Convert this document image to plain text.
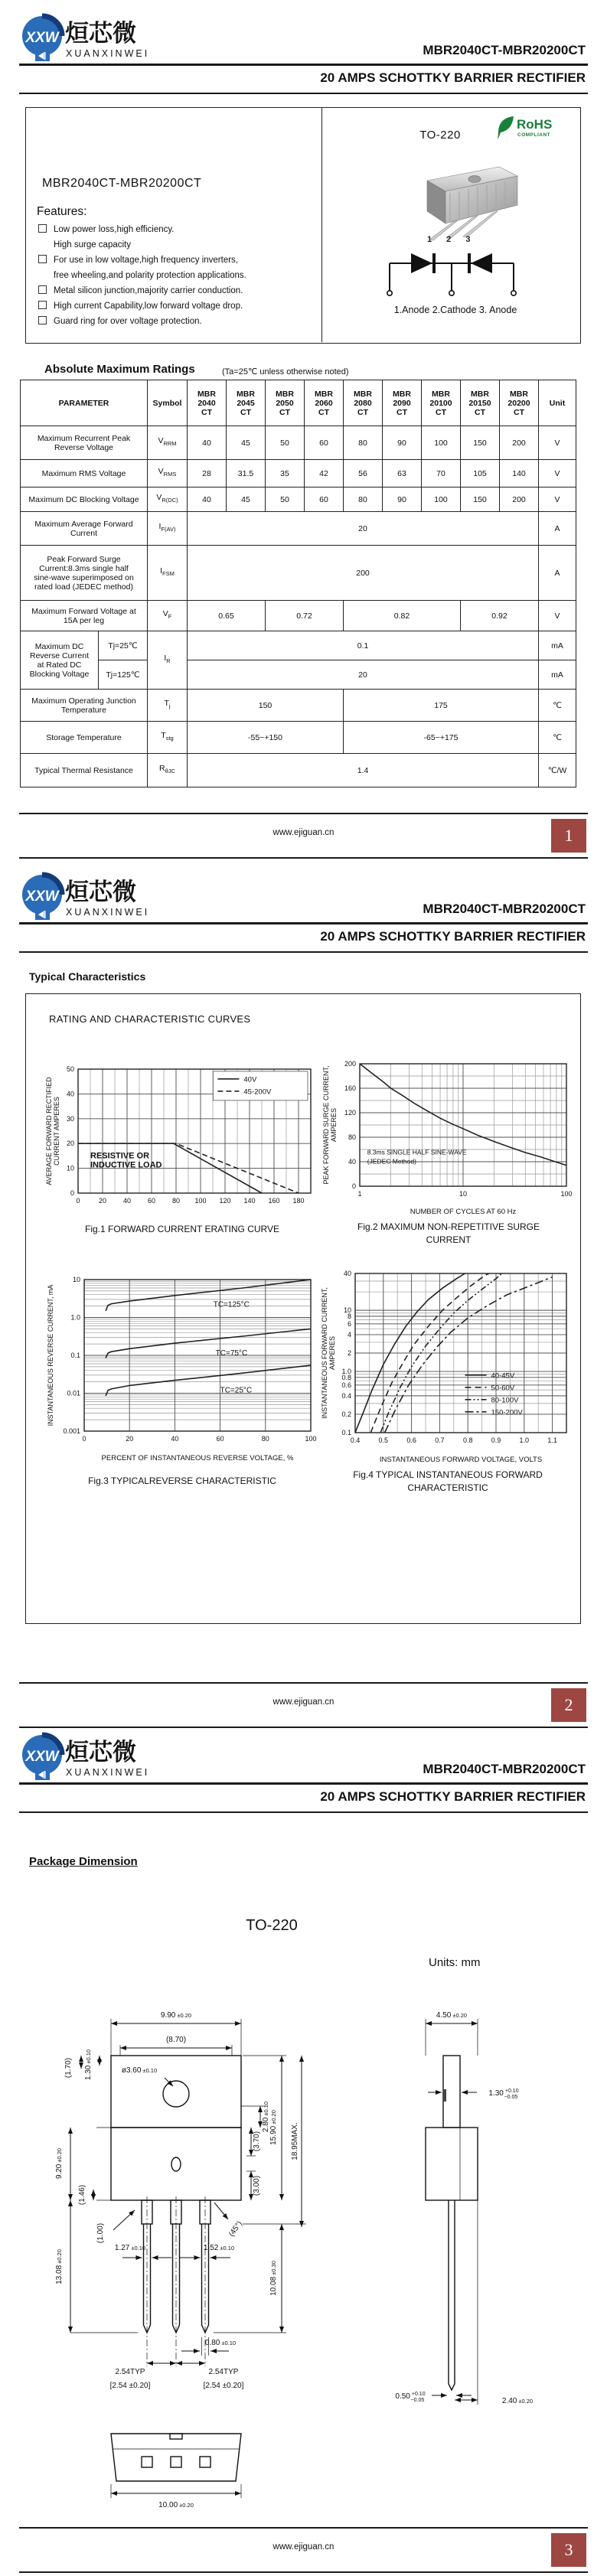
XXW 烜芯微
XUANXINWEI	MBR2040CT-MBR20200CT
20 AMPS SCHOTTKY BARRIER RECTIFIER
MBR2040CT-MBR20200CT
Features:
Low power loss,high efficiency.
High surge capacity
For use in low voltage,high frequency inverters,
free wheeling,and polarity protection applications.
Metal silicon junction,majority carrier conduction.
High current Capability,low forward voltage drop.
Guard ring for over voltage protection.
TO-220
RoHS
COMPLIANT
1 2 3
1.Anode 2.Cathode 3. Anode
Absolute Maximum Ratings	(Ta=25℃ unless otherwise noted)
PARAMETER		Symbol	MBR
2040
CT	MBR
2045
CT	MBR
2050
CT	MBR
2060
CT	MBR
2080
CT	MBR
2090
CT	MBR
20100
CT	MBR
20150
CT	MBR
20200
CT	Unit
Maximum Recurrent Peak
Reverse Voltage		$V_{RRM}$	40	45	50	60	80	90	100	150	200	V
Maximum RMS Voltage		$V_{RMS}$	28	31.5	35	42	56	63	70	105	140	V
Maximum DC Blocking Voltage		$V_{R(DC)}$	40	45	50	60	80	90	100	150	200	V
Maximum Average Forward
Current		$I_{F(AV)}$	20									A
Peak Forward Surge
Current:8.3ms single half
sine-wave superimposed on
rated load (JEDEC method)		$I_{FSM}$	200									A
Maximum Forward Voltage at
15A per leg		$V_F$	0.65		0.72		0.82			0.92		V
Maximum DC
Reverse Current
at Rated DC
Blocking Voltage	Tj=25℃	$I_R$	0.1									mA
	Tj=125℃		20									mA
Maximum Operating Junction
Temperature		$T_j$	150				175					℃
Storage Temperature		$T_{stg}$	-55~+150				-65~+175					℃
Typical Thermal Resistance		$R_{\theta JC}$	1.4									℃/W
www.ejiguan.cn	1
XXW 烜芯微
XUANXINWEI	MBR2040CT-MBR20200CT
20 AMPS SCHOTTKY BARRIER RECTIFIER
Typical Characteristics
RATING AND CHARACTERISTIC CURVES
0	20 40 60 80 100 120 140 160 180
0
10
20
30
40
50
AVERAGE FORWARD RECTIFIEDCURRENT AMPERES	RESISTIVE OR INDUCTIVE LOAD
40V
45-200V
Fig.1 FORWARD CURRENT ERATING CURVE
1	10	100
0
40
80
120
160
200
NUMBER OF CYCLES AT 60 Hz
PEAK FORWARD SURGE CURRENT,AMPERES
8.3ms SINGLE HALF SINE-WAVE (JEDEC Method)
Fig.2 MAXIMUM NON-REPETITIVE SURGE
CURRENT
0	20	40	60	80	100
10
1.0
0.1
0.01
0.001
PERCENT OF INSTANTANEOUS REVERSE VOLTAGE, %
INSTANTANEOUS REVERSE CURRENT, mA	TC=125°C
TC=75°C
TC=25°C
Fig.3 TYPICALREVERSE CHARACTERISTIC
0.4	0.5	0.6	0.7	0.8	0.9	1.0	1.1
40
10
8
6
4
2
1.0
0.8
0.6
0.4
0.2
0.1
INSTANTANEOUS FORWARD VOLTAGE, VOLTS
INSTANTANEOUS FORWARD CURRENT,AMPERES
40-45V
50-60V
80-100V
150-200V
Fig.4 TYPICAL INSTANTANEOUS FORWARD
CHARACTERISTIC
www.ejiguan.cn	2
XXW 烜芯微
XUANXINWEI	MBR2040CT-MBR20200CT
20 AMPS SCHOTTKY BARRIER RECTIFIER
Package Dimension
TO-220
Units: mm
9.90 ±0.20
(8.70)
ø3.60 ±0.10
1.30±0.10
(1.70)
2.80±0.10
9.20±0.20
(1.46)
(3.70)
(3.00)
15.90±0.20
18.95MAX.
(45°)
(1.00)
13.08±0.20
1.27 ±0.10	1.52 ±0.10
10.08±0.30
0.80 ±0.10
2.54TYP
[2.54 ±0.20]
2.54TYP
[2.54 ±0.20]
4.50 ±0.20
1.30 $^{+0.10}$ −0.05
0.50 $^{+0.10}$ −0.05	2.40 ±0.20
10.00 ±0.20
www.ejiguan.cn	3
